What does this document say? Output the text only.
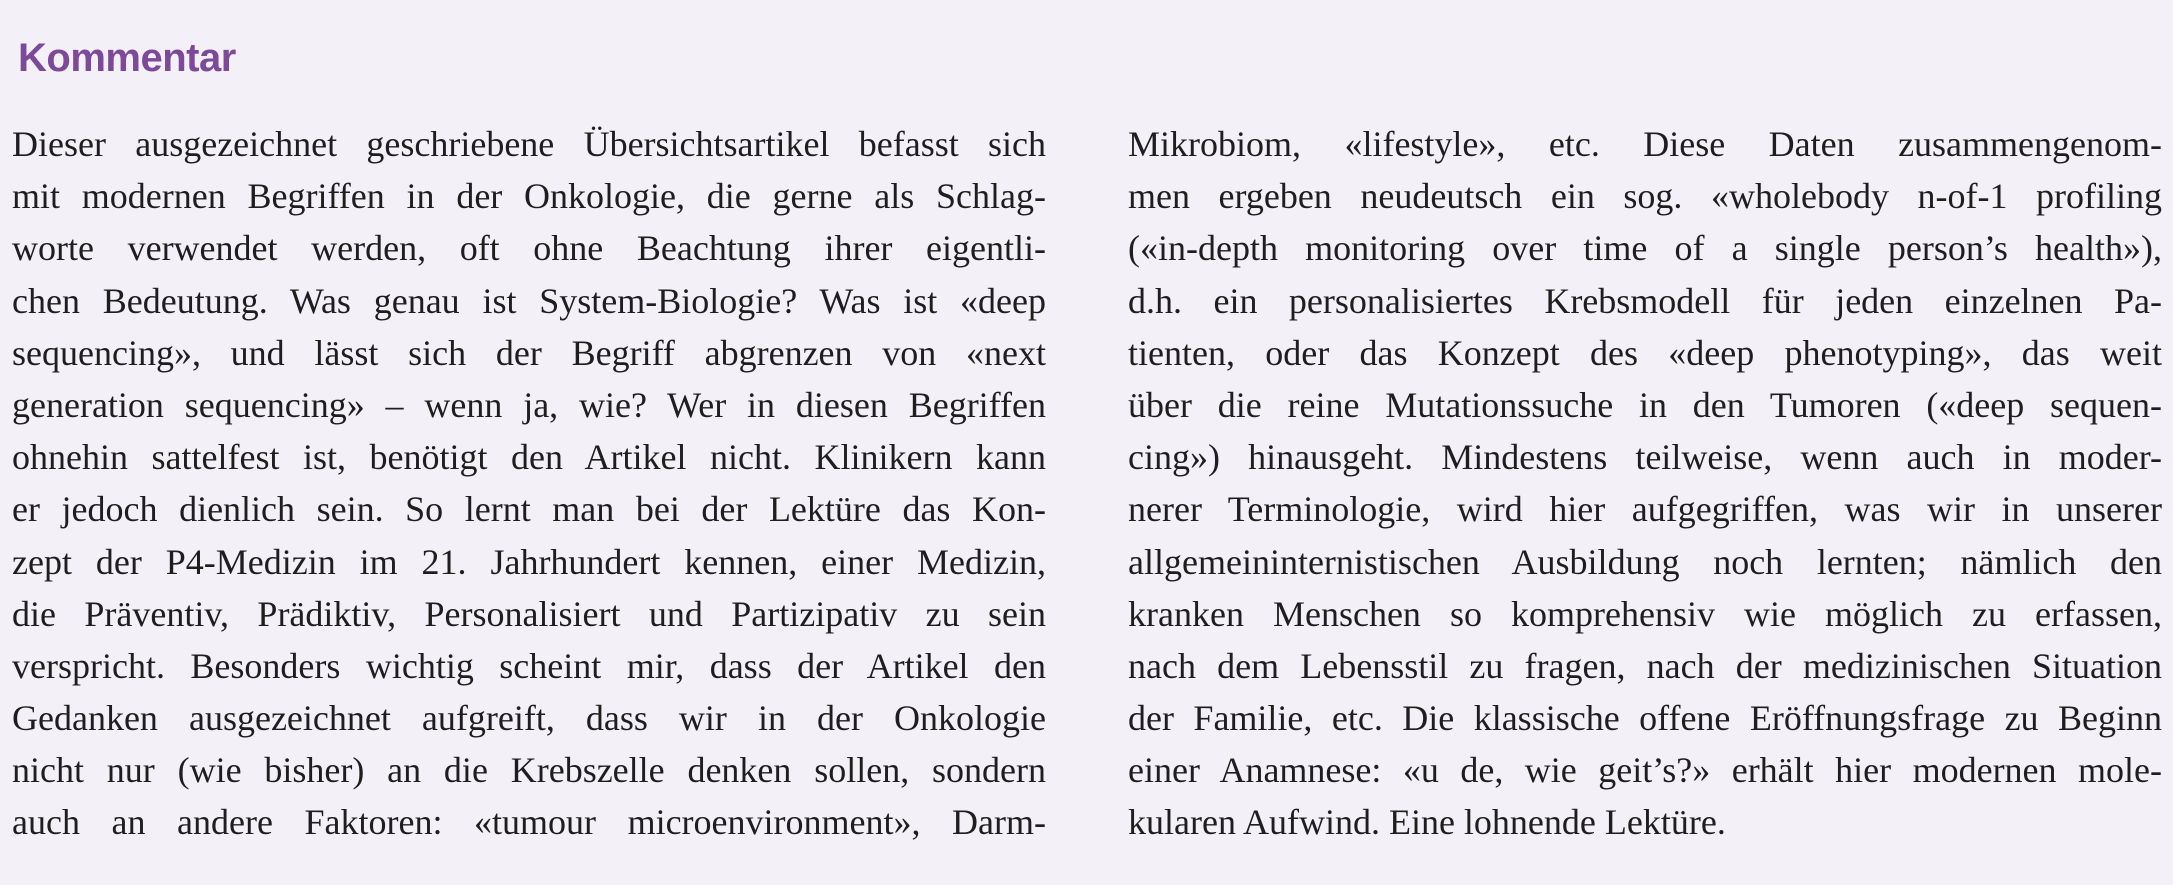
Kommentar
Dieser ausgezeichnet geschriebene Übersichtsartikel befasst sich
mit modernen Begriffen in der Onkologie, die gerne als Schlag-
worte verwendet werden, oft ohne Beachtung ihrer eigentli-
chen Bedeutung. Was genau ist System-Biologie? Was ist «deep
sequencing», und lässt sich der Begriff abgrenzen von «next
generation sequencing» – wenn ja, wie? Wer in diesen Begriffen
ohnehin sattelfest ist, benötigt den Artikel nicht. Klinikern kann
er jedoch dienlich sein. So lernt man bei der Lektüre das Kon-
zept der P4-Medizin im 21. Jahrhundert kennen, einer Medizin,
die Präventiv, Prädiktiv, Personalisiert und Partizipativ zu sein
verspricht. Besonders wichtig scheint mir, dass der Artikel den
Gedanken ausgezeichnet aufgreift, dass wir in der Onkologie
nicht nur (wie bisher) an die Krebszelle denken sollen, sondern
auch an andere Faktoren: «tumour microenvironment», Darm-
Mikrobiom, «lifestyle», etc. Diese Daten zusammengenom-
men ergeben neudeutsch ein sog. «wholebody n-of-1 profiling
(«in-depth monitoring over time of a single person’s health»),
d.h. ein personalisiertes Krebsmodell für jeden einzelnen Pa-
tienten, oder das Konzept des «deep phenotyping», das weit
über die reine Mutationssuche in den Tumoren («deep sequen-
cing») hinausgeht. Mindestens teilweise, wenn auch in moder-
nerer Terminologie, wird hier aufgegriffen, was wir in unserer
allgemeininternistischen Ausbildung noch lernten; nämlich den
kranken Menschen so komprehensiv wie möglich zu erfassen,
nach dem Lebensstil zu fragen, nach der medizinischen Situation
der Familie, etc. Die klassische offene Eröffnungsfrage zu Beginn
einer Anamnese: «u de, wie geit’s?» erhält hier modernen mole-
kularen Aufwind. Eine lohnende Lektüre.
